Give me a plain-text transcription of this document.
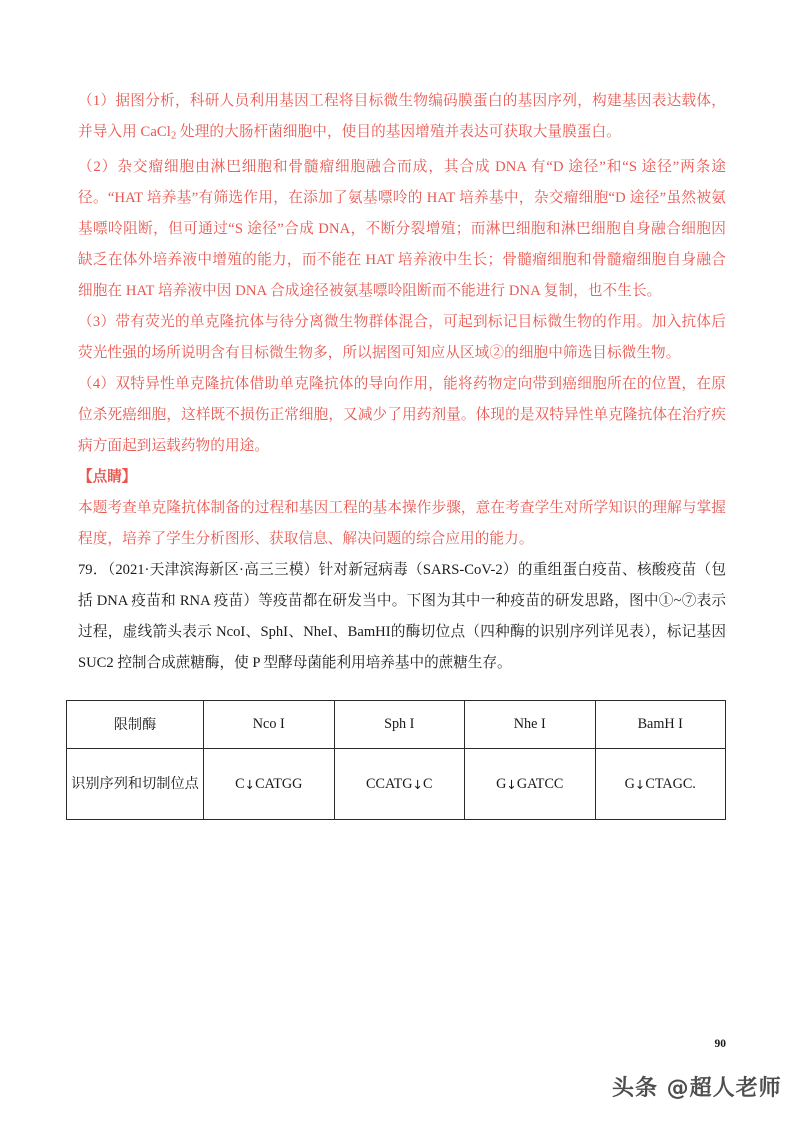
（1）据图分析，科研人员利用基因工程将目标微生物编码膜蛋白的基因序列，构建基因表达载体，并导入用 CaCl$_2$ 处理的大肠杆菌细胞中，使目的基因增殖并表达可获取大量膜蛋白。

（2）杂交瘤细胞由淋巴细胞和骨髓瘤细胞融合而成，其合成 DNA 有“D 途径”和“S 途径”两条途径。“HAT 培养基”有筛选作用，在添加了氨基嘌呤的 HAT 培养基中，杂交瘤细胞“D 途径”虽然被氨基嘌呤阻断，但可通过“S 途径”合成 DNA，不断分裂增殖；而淋巴细胞和淋巴细胞自身融合细胞因缺乏在体外培养液中增殖的能力，而不能在 HAT 培养液中生长；骨髓瘤细胞和骨髓瘤细胞自身融合细胞在 HAT 培养液中因 DNA 合成途径被氨基嘌呤阻断而不能进行 DNA 复制，也不生长。

（3）带有荧光的单克隆抗体与待分离微生物群体混合，可起到标记目标微生物的作用。加入抗体后荧光性强的场所说明含有目标微生物多，所以据图可知应从区域②的细胞中筛选目标微生物。

（4）双特异性单克隆抗体借助单克隆抗体的导向作用，能将药物定向带到癌细胞所在的位置，在原位杀死癌细胞，这样既不损伤正常细胞，又减少了用药剂量。体现的是双特异性单克隆抗体在治疗疾病方面起到运载药物的用途。

【点睛】

本题考查单克隆抗体制备的过程和基因工程的基本操作步骤，意在考查学生对所学知识的理解与掌握程度，培养了学生分析图形、获取信息、解决问题的综合应用的能力。

79．（2021·天津滨海新区·高三三模）针对新冠病毒（SARS-CoV-2）的重组蛋白疫苗、核酸疫苗（包括 DNA 疫苗和 RNA 疫苗）等疫苗都在研发当中。下图为其中一种疫苗的研发思路，图中①~⑦表示过程，虚线箭头表示 NcoI、SphI、NheI、BamHI的酶切位点（四种酶的识别序列详见表），标记基因 SUC2 控制合成蔗糖酶，使 P 型酵母菌能利用培养基中的蔗糖生存。

限制酶	Nco I	Sph I	Nhe I	BamH I
识别序列和切制位点	C↓CATGG	CCATG↓C	G↓GATCC	G↓CTAGC.
90
头条 @超人老师
